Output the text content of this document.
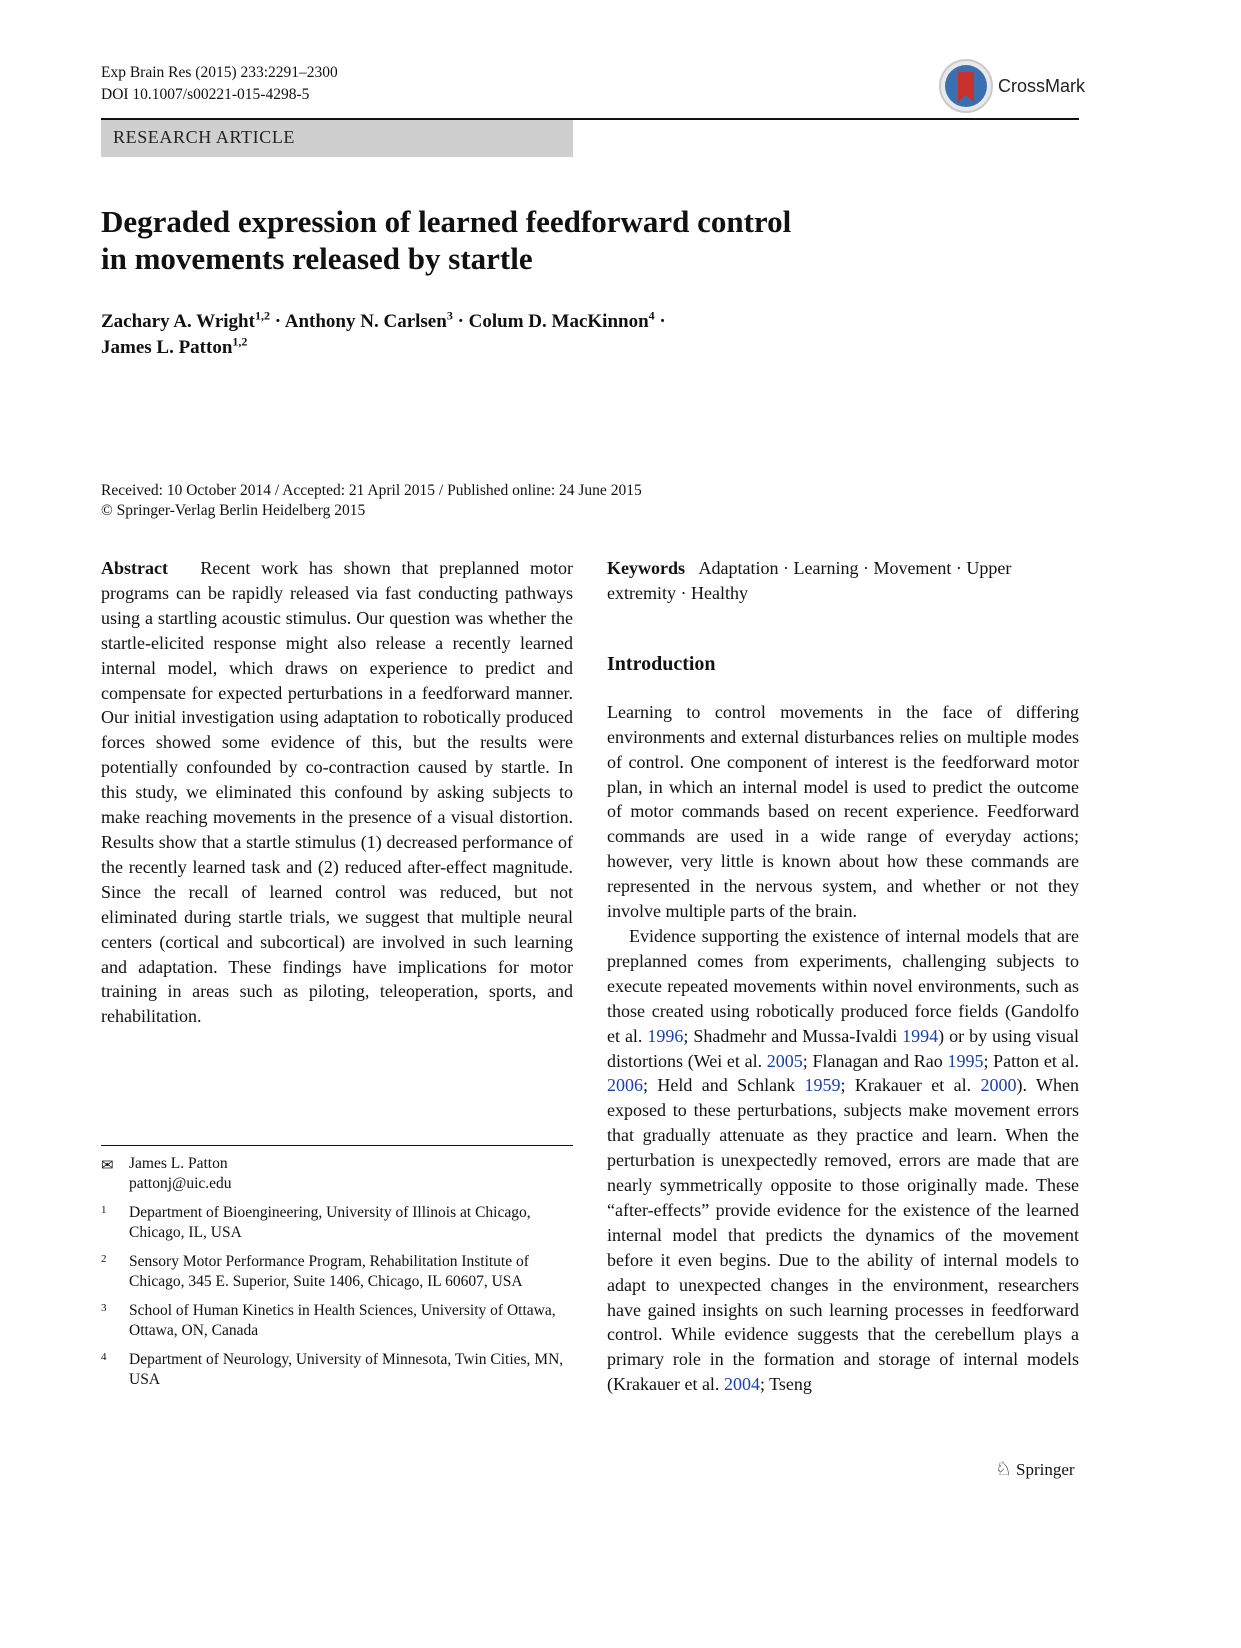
Exp Brain Res (2015) 233:2291–2300
DOI 10.1007/s00221-015-4298-5	CrossMark
RESEARCH ARTICLE
Degraded expression of learned feedforward control
in movements released by startle
Zachary A. Wright$^{1,2}$ · Anthony N. Carlsen$^3$ · Colum D. MacKinnon$^4$ ·
James L. Patton$^{1,2}$
Received: 10 October 2014 / Accepted: 21 April 2015 / Published online: 24 June 2015
© Springer-Verlag Berlin Heidelberg 2015

Abstract Recent work has shown that preplanned motor programs can be rapidly released via fast conducting pathways using a startling acoustic stimulus. Our question was whether the startle-elicited response might also release a recently learned internal model, which draws on experience to predict and compensate for expected perturbations in a feedforward manner. Our initial investigation using adaptation to robotically produced forces showed some evidence of this, but the results were potentially confounded by co-contraction caused by startle. In this study, we eliminated this confound by asking subjects to make reaching movements in the presence of a visual distortion. Results show that a startle stimulus (1) decreased performance of the recently learned task and (2) reduced after-effect magnitude. Since the recall of learned control was reduced, but not eliminated during startle trials, we suggest that multiple neural centers (cortical and subcortical) are involved in such learning and adaptation. These findings have implications for motor training in areas such as piloting, teleoperation, sports, and rehabilitation.

✉ James L. Patton
pattonj@uic.edu
1 Department of Bioengineering, University of Illinois at Chicago, Chicago, IL, USA
2 Sensory Motor Performance Program, Rehabilitation Institute of Chicago, 345 E. Superior, Suite 1406, Chicago, IL 60607, USA
3 School of Human Kinetics in Health Sciences, University of Ottawa, Ottawa, ON, Canada
4 Department of Neurology, University of Minnesota, Twin Cities, MN, USA

Keywords Adaptation · Learning · Movement · Upper extremity · Healthy

Introduction

Learning to control movements in the face of differing environments and external disturbances relies on multiple modes of control. One component of interest is the feedforward motor plan, in which an internal model is used to predict the outcome of motor commands based on recent experience. Feedforward commands are used in a wide range of everyday actions; however, very little is known about how these commands are represented in the nervous system, and whether or not they involve multiple parts of the brain.

Evidence supporting the existence of internal models that are preplanned comes from experiments, challenging subjects to execute repeated movements within novel environments, such as those created using robotically produced force fields (Gandolfo et al. 1996; Shadmehr and Mussa-Ivaldi 1994) or by using visual distortions (Wei et al. 2005; Flanagan and Rao 1995; Patton et al. 2006; Held and Schlank 1959; Krakauer et al. 2000). When exposed to these perturbations, subjects make movement errors that gradually attenuate as they practice and learn. When the perturbation is unexpectedly removed, errors are made that are nearly symmetrically opposite to those originally made. These “after-effects” provide evidence for the existence of the learned internal model that predicts the dynamics of the movement before it even begins. Due to the ability of internal models to adapt to unexpected changes in the environment, researchers have gained insights on such learning processes in feedforward control. While evidence suggests that the cerebellum plays a primary role in the formation and storage of internal models (Krakauer et al. 2004; Tseng

♘ Springer
